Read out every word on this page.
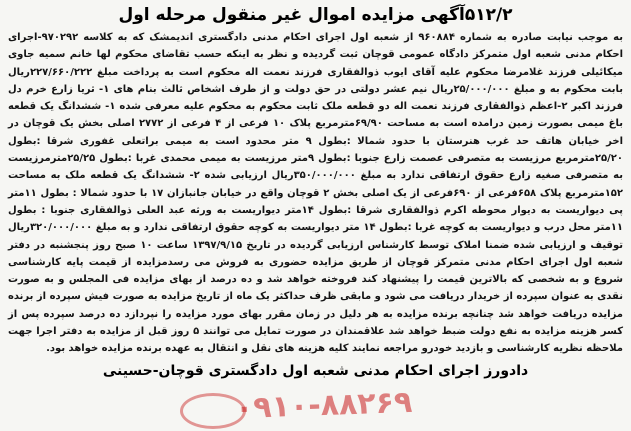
۵۱۲/۲آگهی مزایده اموال غیر منقول مرحله اول

به موجب نیابت صادره به شماره ۹۶۰۸۸۴ از شعبه اول اجرای احکام مدنی دادگستری اندیمشک که به کلاسه ۹۷۰۲۹۲-اجرای احکام مدنی شعبه اول متمرکز دادگاه عمومی قوچان ثبت گردیده و نظر به اینکه حسب تقاضای محکوم لها خانم سمیه جاوی میکائیلی فرزند غلامرضا محکوم علیه آقای ایوب ذوالفقاری فرزند نعمت اله محکوم است به پرداخت مبلغ ۲۲۷/۶۶۰/۲۲۲ریال بابت محکوم به و مبلغ ۲۵/۰۰۰/۰۰۰ریال نیم عشر دولتی در حق دولت و از طرف اشخاص ثالث بنام های ۱- ثریا زارع خرم دل فرزند اکبر ۲-اعظم ذوالفقاری فرزند نعمت اله دو قطعه ملک ثابت محکوم به محکوم علیه معرفی شده ۱- ششدانگ یک قطعه باغ میمی بصورت زمین درامده است به مساحت ۶۹/۹۰مترمربع پلاک ۱۰ فرعی از ۴ فرعی از ۲۷۷۲ اصلی بخش یک قوچان در اخر خیابان هاتف حد غرب هنرستان با حدود شمالا :بطول ۹ متر محدود است به میمی براتعلی غفوری شرقا :بطول ۲۵/۲۰مترمربع مرزیست به متصرفی عصمت زارع جنوبا :بطول ۹متر مرزیست به میمی محمدی غربا :بطول ۲۵/۲۵مترمرزیست به متصرفی صغیه زارع حقوق ارتفاقی ندارد به مبلغ ۳۵۰/۰۰۰/۰۰۰ریال ارزیابی شده ۲- ششدانگ یک قطعه ملک به مساحت ۱۵۲مترمربع پلاک ۶۵۸فرعی از ۶۹۰فرعی از یک اصلی بخش ۲ قوچان واقع در خیابان جانبازان ۱۷ با حدود شمالا : بطول ۱۱متر پی دیواریست به دیوار محوطه اکرم ذوالفقاری شرقا :بطول ۱۴متر دیواریست به ورثه عبد العلی ذوالفقاری جنوبا : بطول ۱۱متر محل درب و دیواریست به کوچه غربا :بطول ۱۴ متر دیواریست به کوچه حقوق ارتفاقی ندارد و به مبلغ ۳۲۰/۰۰۰/۰۰۰ریال توقیف و ارزیابی شده ضمنا املاک توسط کارشناس ارزیابی گردیده در تاریخ ۱۳۹۷/۹/۱۵ ساعت ۱۰ صبح روز پنجشنبه در دفتر شعبه اول اجرای احکام مدنی متمرکز قوچان از طریق مزایده حضوری به فروش می رسدمزایده از قیمت پایه کارشناسی شروع و به شخصی که بالاترین قیمت را پیشنهاد کند فروخته خواهد شد و ده درصد از بهای مزایده فی المجلس و به صورت نقدی به عنوان سپرده از خریدار دریافت می شود و مابقی ظرف حداکثر یک ماه از تاریخ مزایده به صورت فیش سپرده از برنده مزایده دریافت خواهد شد چنانچه برنده مزایده به هر دلیل در زمان مقرر بهای مورد مزایده را نپردازد ده درصد سپرده پس از کسر هزینه مزایده به نفع دولت ضبط خواهد شد علاقمندان در صورت تمایل می توانند ۵ روز قبل از مزایده به دفتر اجرا جهت ملاحظه نظریه کارشناسی و بازدید خودرو مراجعه نمایند کلیه هزینه های نقل و انتقال به عهده برنده مزایده خواهد بود.

دادورز اجرای احکام مدنی شعبه اول دادگستری قوچان-حسینی
۰۹۱۰-۸۸۲۶۹
